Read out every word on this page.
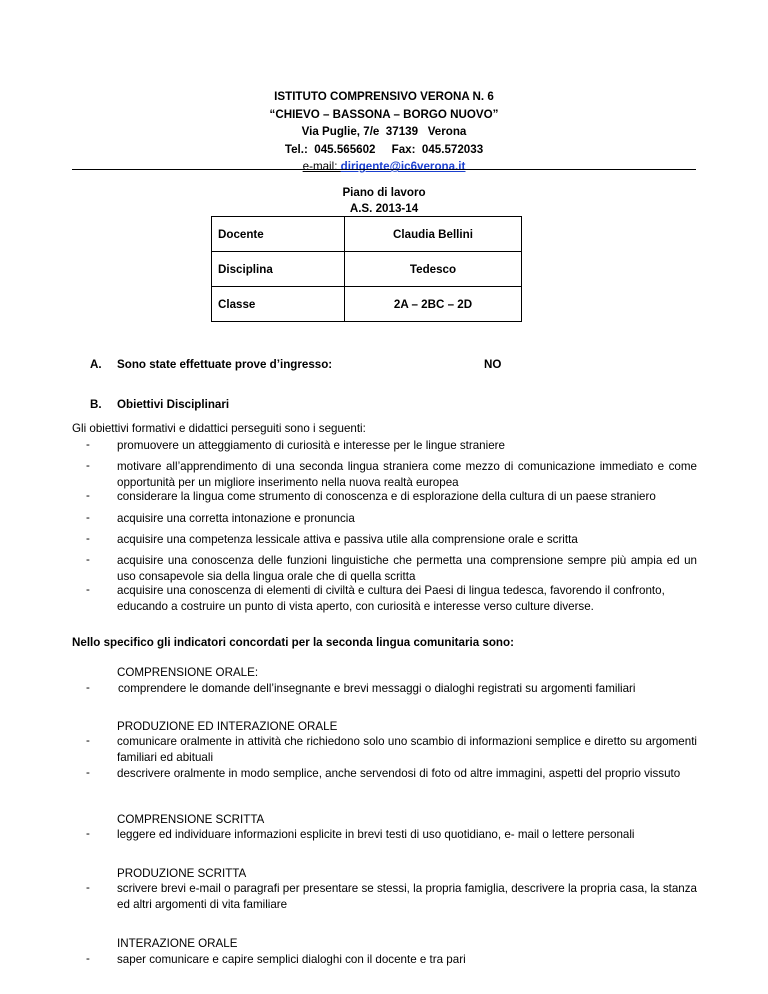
ISTITUTO COMPRENSIVO VERONA N. 6
“CHIEVO – BASSONA – BORGO NUOVO”
Via Puglie, 7/e  37139   Verona
Tel.:  045.565602     Fax:  045.572033
e-mail: dirigente@ic6verona.it
Piano di lavoro
A.S. 2013-14
Docente	Claudia Bellini
Disciplina	Tedesco
Classe	2A – 2BC – 2D
A. Sono state effettuate prove d’ingresso:	NO
B. Obiettivi Disciplinari
Gli obiettivi formativi e didattici perseguiti sono i seguenti:
- promuovere un atteggiamento di curiosità e interesse per le lingue straniere
- motivare all’apprendimento di una seconda lingua straniera come mezzo di comunicazione immediato e come opportunità per un migliore inserimento nella nuova realtà europea
- considerare la lingua come strumento di conoscenza e di esplorazione della cultura di un paese straniero
- acquisire una corretta intonazione e pronuncia
- acquisire una competenza lessicale attiva e passiva utile alla comprensione orale e scritta
- acquisire una conoscenza delle funzioni linguistiche che permetta una comprensione sempre più ampia ed un uso consapevole sia della lingua orale che di quella scritta
- acquisire una conoscenza di elementi di civiltà e cultura dei Paesi di lingua tedesca, favorendo il confronto, educando a costruire un punto di vista aperto, con curiosità e interesse verso culture diverse.
Nello specifico gli indicatori concordati per la seconda lingua comunitaria sono:
COMPRENSIONE ORALE:
- comprendere le domande dell’insegnante e brevi messaggi o dialoghi registrati su argomenti familiari
PRODUZIONE ED INTERAZIONE ORALE
- comunicare oralmente in attività che richiedono solo uno scambio di informazioni semplice e diretto su argomenti familiari ed abituali
- descrivere oralmente in modo semplice, anche servendosi di foto od altre immagini, aspetti del proprio vissuto
COMPRENSIONE SCRITTA
- leggere ed individuare informazioni esplicite in brevi testi di uso quotidiano, e- mail o lettere personali
PRODUZIONE SCRITTA
- scrivere brevi e-mail o paragrafi per presentare se stessi, la propria famiglia, descrivere la propria casa, la stanza ed altri argomenti di vita familiare
INTERAZIONE ORALE
- saper comunicare e capire semplici dialoghi con il docente e tra pari
